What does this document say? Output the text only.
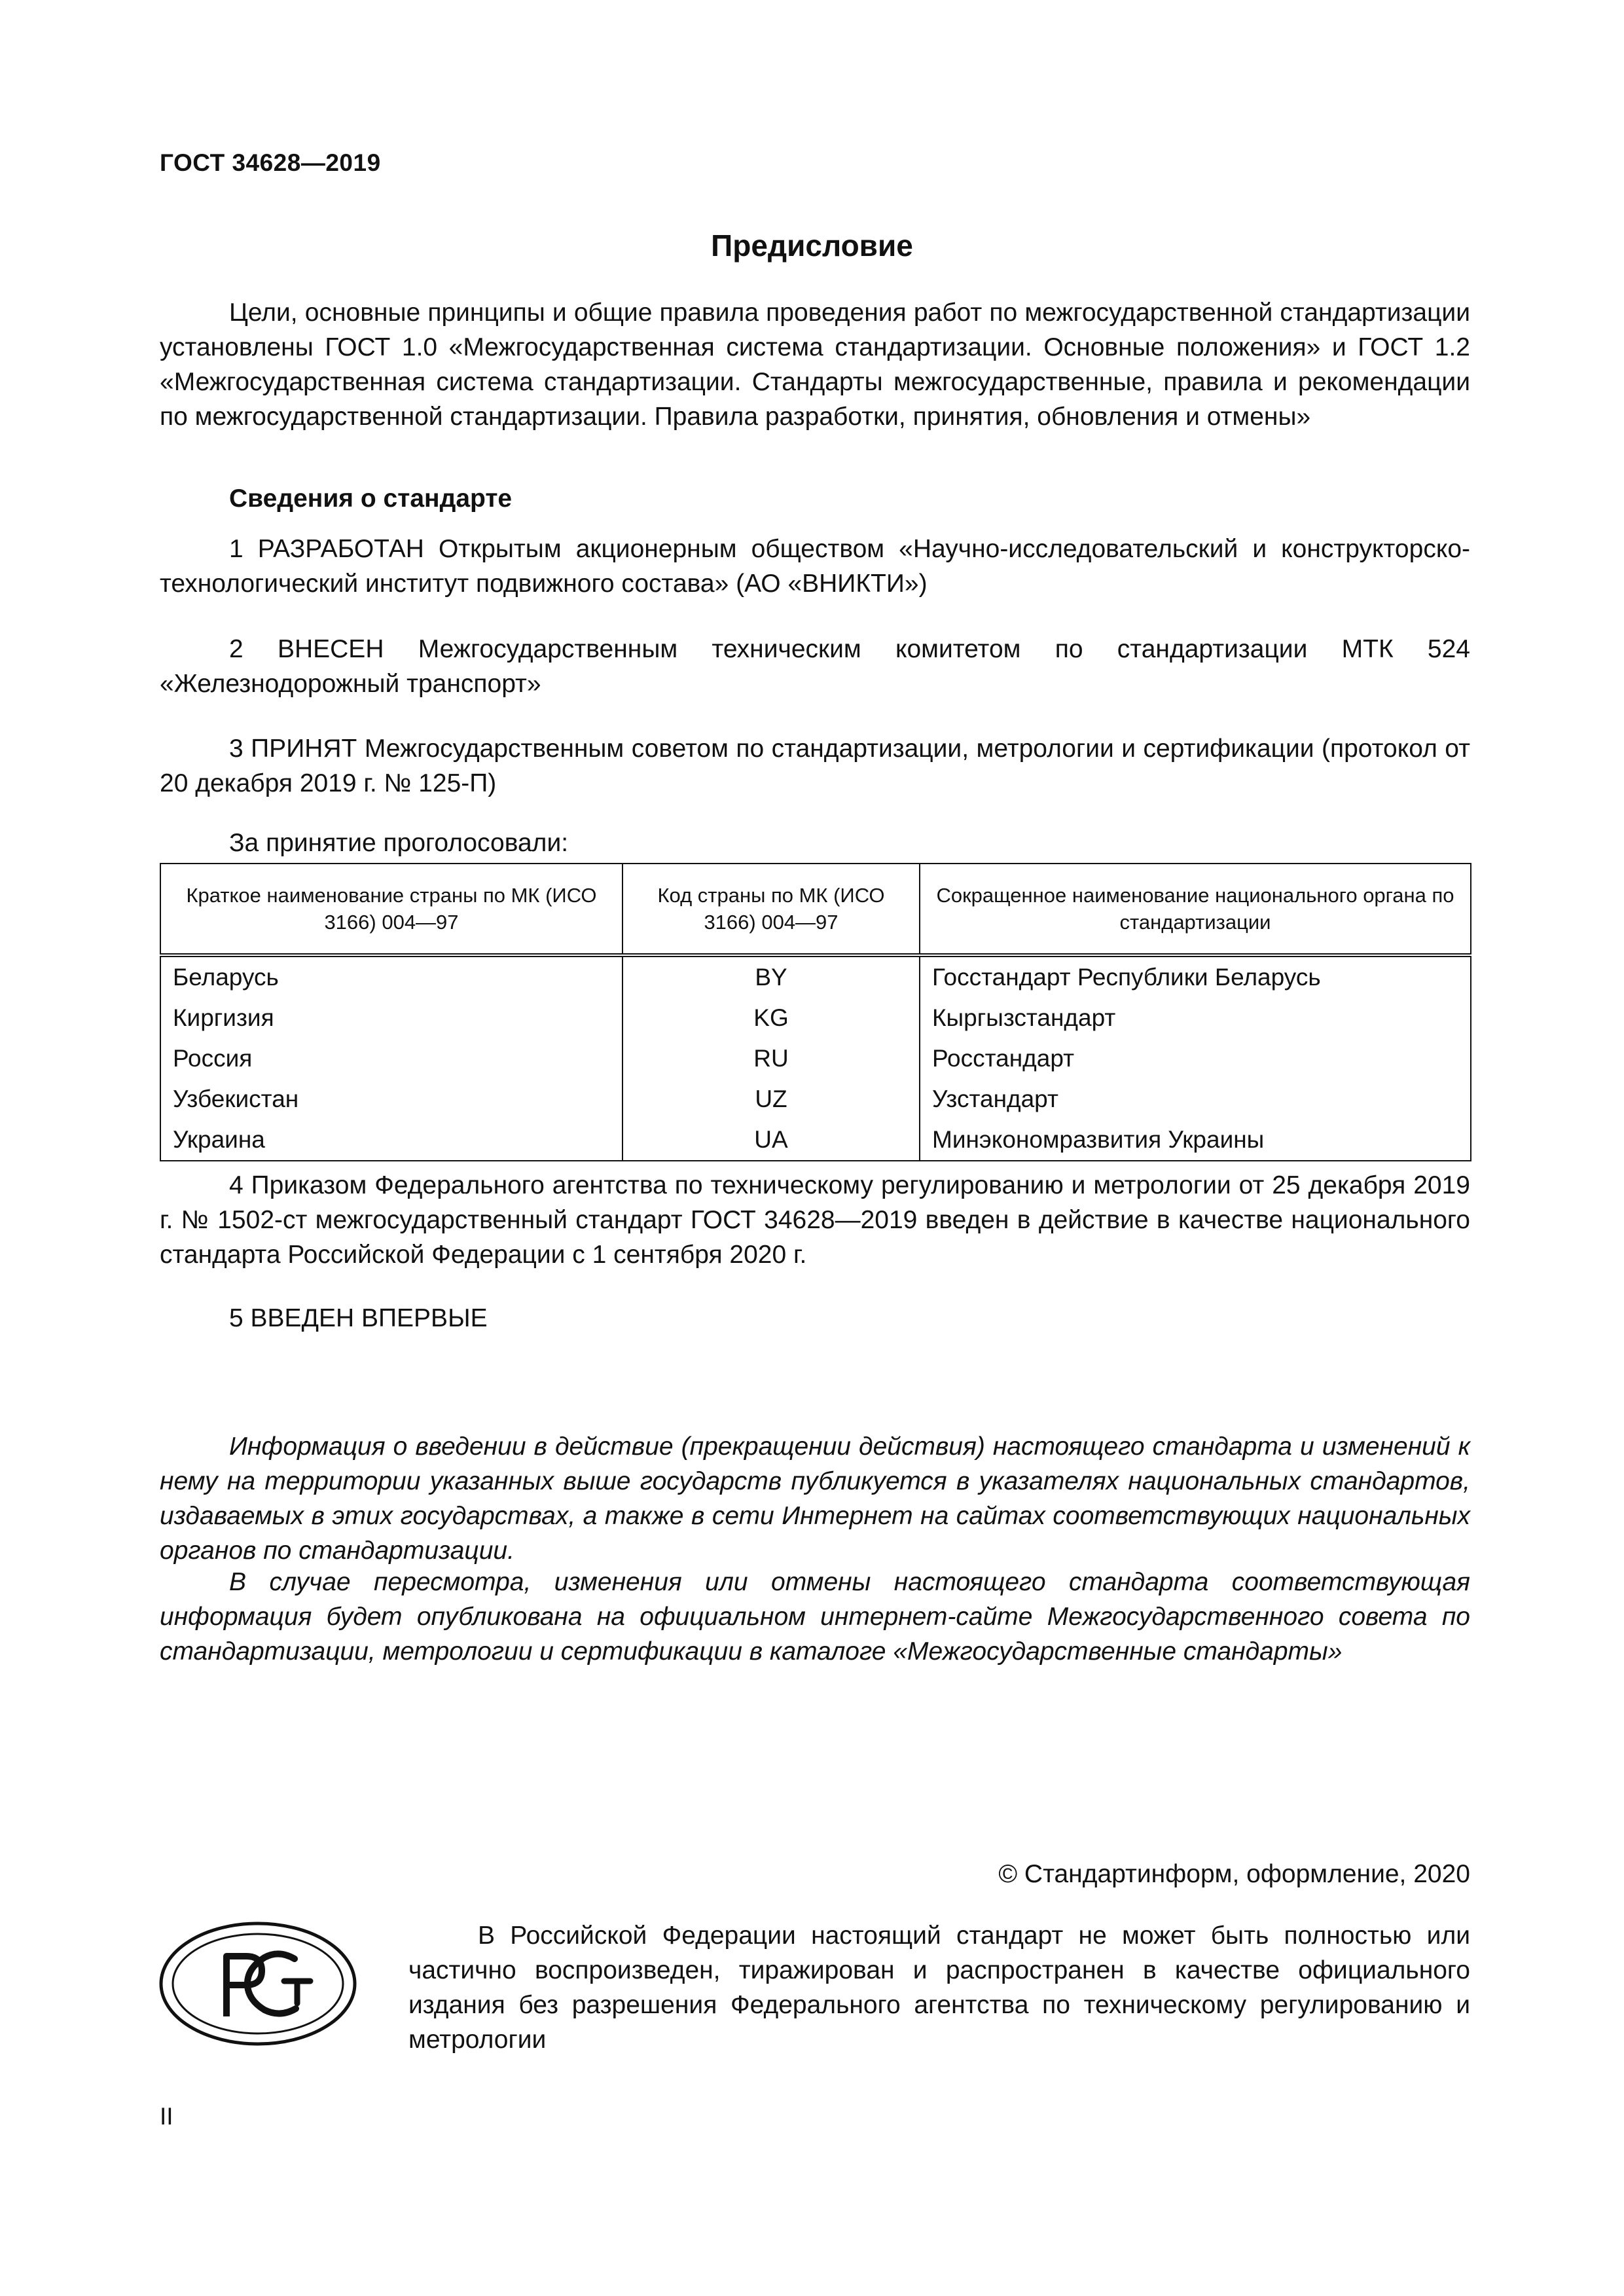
ГОСТ 34628—2019
Предисловие

Цели, основные принципы и общие правила проведения работ по межгосударственной стандартизации установлены ГОСТ 1.0 «Межгосударственная система стандартизации. Основные положения» и ГОСТ 1.2 «Межгосударственная система стандартизации. Стандарты межгосударственные, правила и рекомендации по межгосударственной стандартизации. Правила разработки, принятия, обновления и отмены»

Сведения о стандарте

1 РАЗРАБОТАН Открытым акционерным обществом «Научно-исследовательский и конструкторско-технологический институт подвижного состава» (АО «ВНИКТИ»)

2 ВНЕСЕН Межгосударственным техническим комитетом по стандартизации МТК 524 «Железнодорожный транспорт»

3 ПРИНЯТ Межгосударственным советом по стандартизации, метрологии и сертификации (протокол от 20 декабря 2019 г. № 125-П)

За принятие проголосовали:
Краткое наименование страны по МК (ИСО 3166) 004—97	Код страны по МК (ИСО 3166) 004—97	Сокращенное наименование национального органа по стандартизации
Беларусь	BY	Госстандарт Республики Беларусь
Киргизия	KG	Кыргызстандарт
Россия	RU	Росстандарт
Узбекистан	UZ	Узстандарт
Украина	UA	Минэкономразвития Украины

4 Приказом Федерального агентства по техническому регулированию и метрологии от 25 декабря 2019 г. № 1502-ст межгосударственный стандарт ГОСТ 34628—2019 введен в действие в качестве национального стандарта Российской Федерации с 1 сентября 2020 г.

5 ВВЕДЕН ВПЕРВЫЕ

Информация о введении в действие (прекращении действия) настоящего стандарта и изменений к нему на территории указанных выше государств публикуется в указателях национальных стандартов, издаваемых в этих государствах, а также в сети Интернет на сайтах соответствующих национальных органов по стандартизации.

В случае пересмотра, изменения или отмены настоящего стандарта соответствующая информация будет опубликована на официальном интернет-сайте Межгосударственного совета по стандартизации, метрологии и сертификации в каталоге «Межгосударственные стандарты»

© Стандартинформ, оформление, 2020

В Российской Федерации настоящий стандарт не может быть полностью или частично воспроизведен, тиражирован и распространен в качестве официального издания без разрешения Федерального агентства по техническому регулированию и метрологии

II
